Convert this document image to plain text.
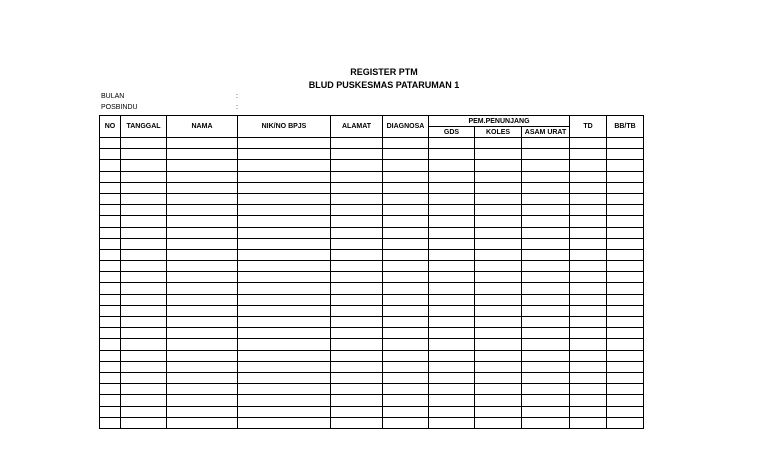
REGISTER PTM
BLUD PUSKESMAS PATARUMAN 1
BULAN	:
POSBINDU	:
NO	TANGGAL	NAMA	NIK/NO BPJS	ALAMAT	DIAGNOSA	PEM.PENUNJANG			TD	BB/TB
						GDS	KOLES	ASAM URAT		
